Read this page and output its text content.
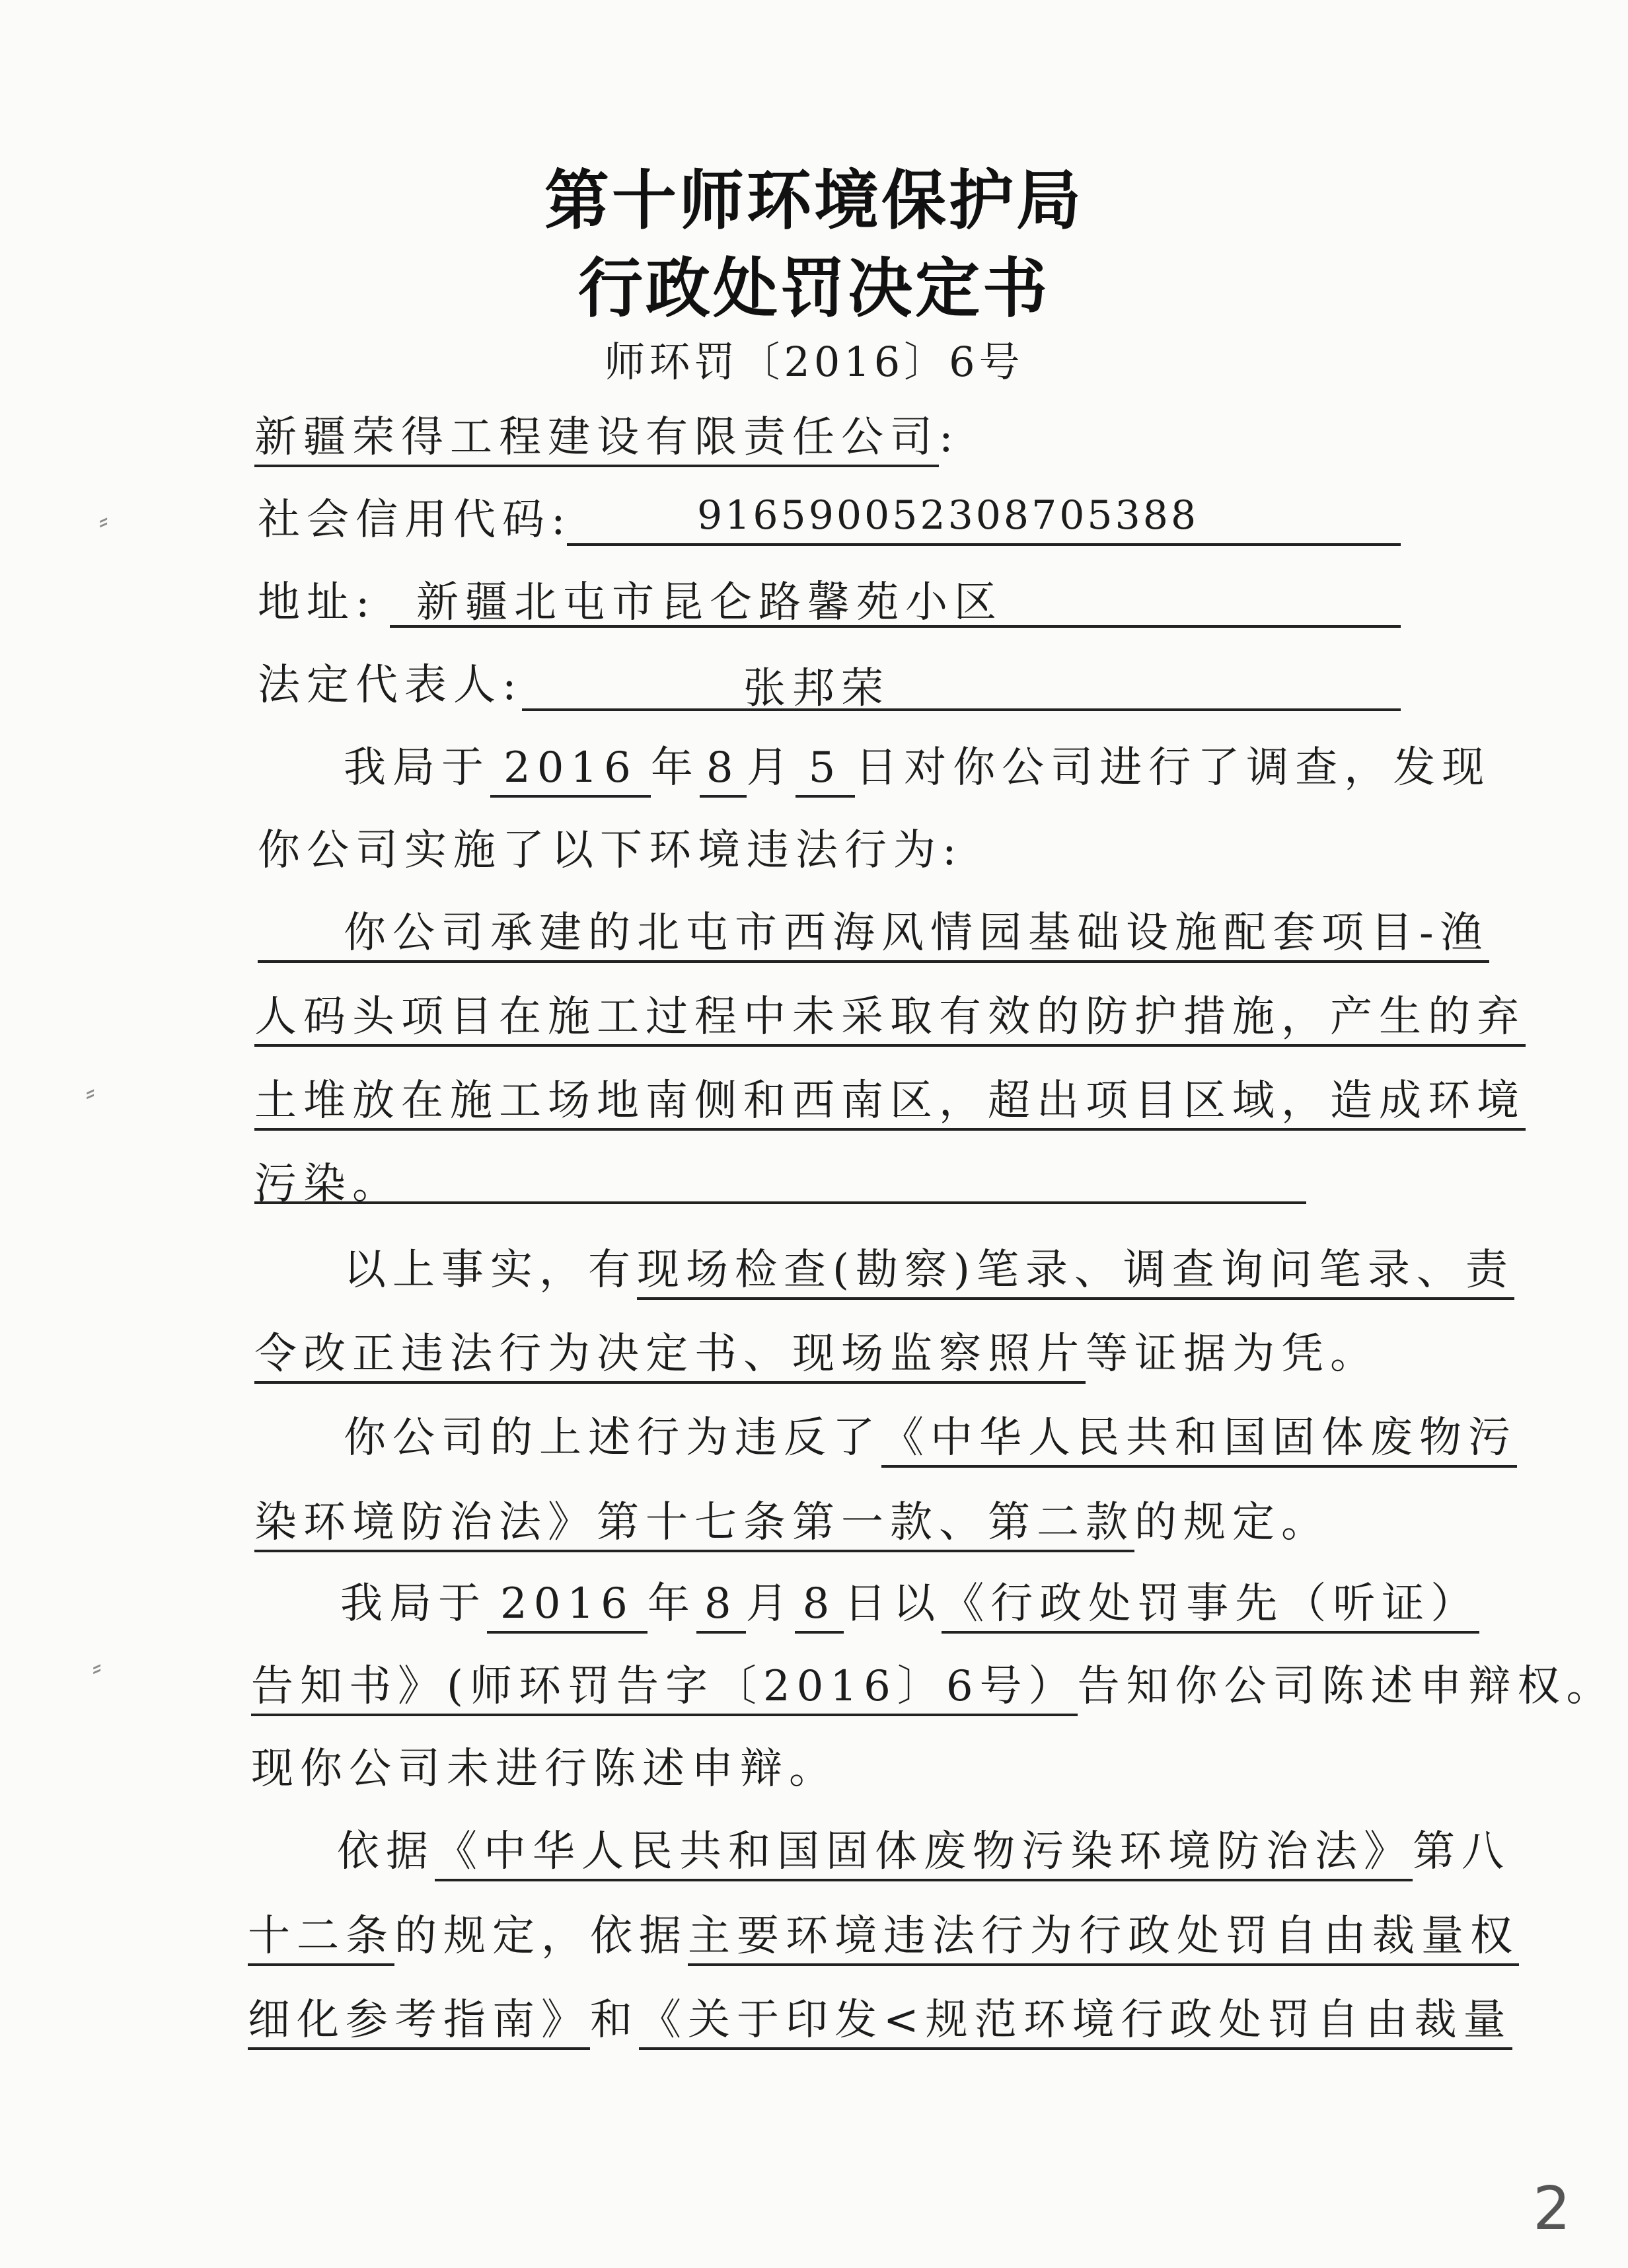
第十师环境保护局
行政处罚决定书
师环罚〔2016〕6号
新疆荣得工程建设有限责任公司:
社会信用代码:	916590052308705388
地址: 新疆北屯市昆仑路馨苑小区
法定代表人:	张邦荣
我局于 2016 年 8 月 5 日对你公司进行了调查，发现
你公司实施了以下环境违法行为:
你公司承建的北屯市西海风情园基础设施配套项目-渔
人码头项目在施工过程中未采取有效的防护措施，产生的弃
土堆放在施工场地南侧和西南区，超出项目区域，造成环境
污染。
以上事实，有现场检查(勘察)笔录、调查询问笔录、责
令改正违法行为决定书、现场监察照片等证据为凭。
你公司的上述行为违反了《中华人民共和国固体废物污
染环境防治法》第十七条第一款、第二款的规定。
我局于 2016 年 8 月 8 日以《行政处罚事先（听证）
告知书》(师环罚告字〔2016〕6号）告知你公司陈述申辩权。
现你公司未进行陈述申辩。
依据《中华人民共和国固体废物污染环境防治法》第八
十二条的规定，依据主要环境违法行为行政处罚自由裁量权
细化参考指南》和《关于印发<规范环境行政处罚自由裁量
⸗
⸗
⸗
2
